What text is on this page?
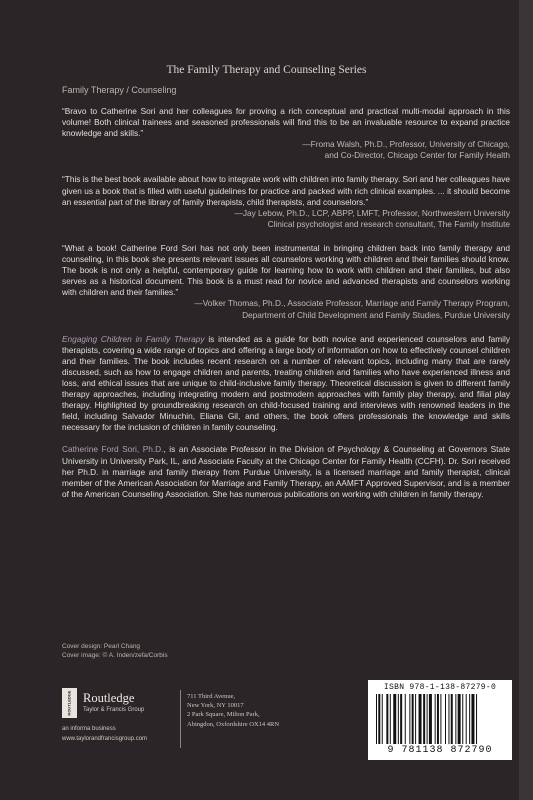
The Family Therapy and Counseling Series
Family Therapy / Counseling

“Bravo to Catherine Sori and her colleagues for proving a rich conceptual and practical multi-modal approach in this volume! Both clinical trainees and seasoned professionals will find this to be an invaluable resource to expand practice knowledge and skills.”

—Froma Walsh, Ph.D., Professor, University of Chicago,

and Co-Director, Chicago Center for Family Health

“This is the best book available about how to integrate work with children into family therapy. Sori and her colleagues have given us a book that is filled with useful guidelines for practice and packed with rich clinical examples. ... it should become an essential part of the library of family therapists, child therapists, and counselors.”

—Jay Lebow, Ph.D., LCP, ABPP, LMFT, Professor, Northwestern University

Clinical psychologist and research consultant, The Family Institute

“What a book! Catherine Ford Sori has not only been instrumental in bringing children back into family therapy and counseling, in this book she presents relevant issues all counselors working with children and their families should know. The book is not only a helpful, contemporary guide for learning how to work with children and their families, but also serves as a historical document. This book is a must read for novice and advanced therapists and counselors working with children and their families.”

—Volker Thomas, Ph.D., Associate Professor, Marriage and Family Therapy Program,

Department of Child Development and Family Studies, Purdue University

Engaging Children in Family Therapy is intended as a guide for both novice and experienced counselors and family therapists, covering a wide range of topics and offering a large body of information on how to effectively counsel children and their families. The book includes recent research on a number of relevant topics, including many that are rarely discussed, such as how to engage children and parents, treating children and families who have experienced illness and loss, and ethical issues that are unique to child-inclusive family therapy. Theoretical discussion is given to different family therapy approaches, including integrating modern and postmodern approaches with family play therapy, and filial play therapy. Highlighted by groundbreaking research on child-focused training and interviews with renowned leaders in the field, including Salvador Minuchin, Eliana Gil, and others, the book offers professionals the knowledge and skills necessary for the inclusion of children in family counseling.

Catherine Ford Sori, Ph.D., is an Associate Professor in the Division of Psychology & Counseling at Governors State University in University Park, IL, and Associate Faculty at the Chicago Center for Family Health (CCFH). Dr. Sori received her Ph.D. in marriage and family therapy from Purdue University, is a licensed marriage and family therapist, clinical member of the American Association for Marriage and Family Therapy, an AAMFT Approved Supervisor, and is a member of the American Counseling Association. She has numerous publications on working with children in family therapy.

Cover design: Pearl Chang
Cover image: © A. Inden/zefa/Corbis
ROUTLEDGE Routledge
Taylor & Francis Group
an informa business
www.taylorandfrancisgroup.com
711 Third Avenue,
New York, NY 10017
2 Park Square, Milton Park,
Abingdon, Oxfordshire OX14 4RN
ISBN 978-1-138-87279-0
9 781138 872790
